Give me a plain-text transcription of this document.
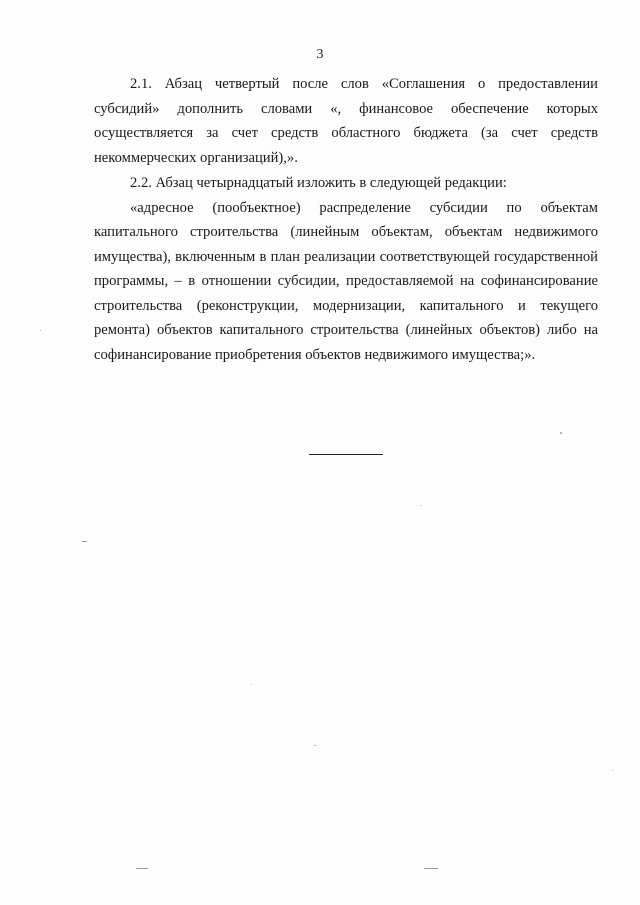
3

2.1. Абзац четвертый после слов «Соглашения о предоставлении субсидий» дополнить словами «, финансовое обеспечение которых осуществляется за счет средств областного бюджета (за счет средств некоммерческих организаций),».

2.2. Абзац четырнадцатый изложить в следующей редакции:

«адресное (пообъектное) распределение субсидии по объектам капитального строительства (линейным объектам, объектам недвижимого имущества), включенным в план реализации соответствующей государственной программы, – в отношении субсидии, предоставляемой на софинансирование строительства (реконструкции, модернизации, капитального и текущего ремонта) объектов капитального строительства (линейных объектов) либо на софинансирование приобретения объектов недвижимого имущества;».
